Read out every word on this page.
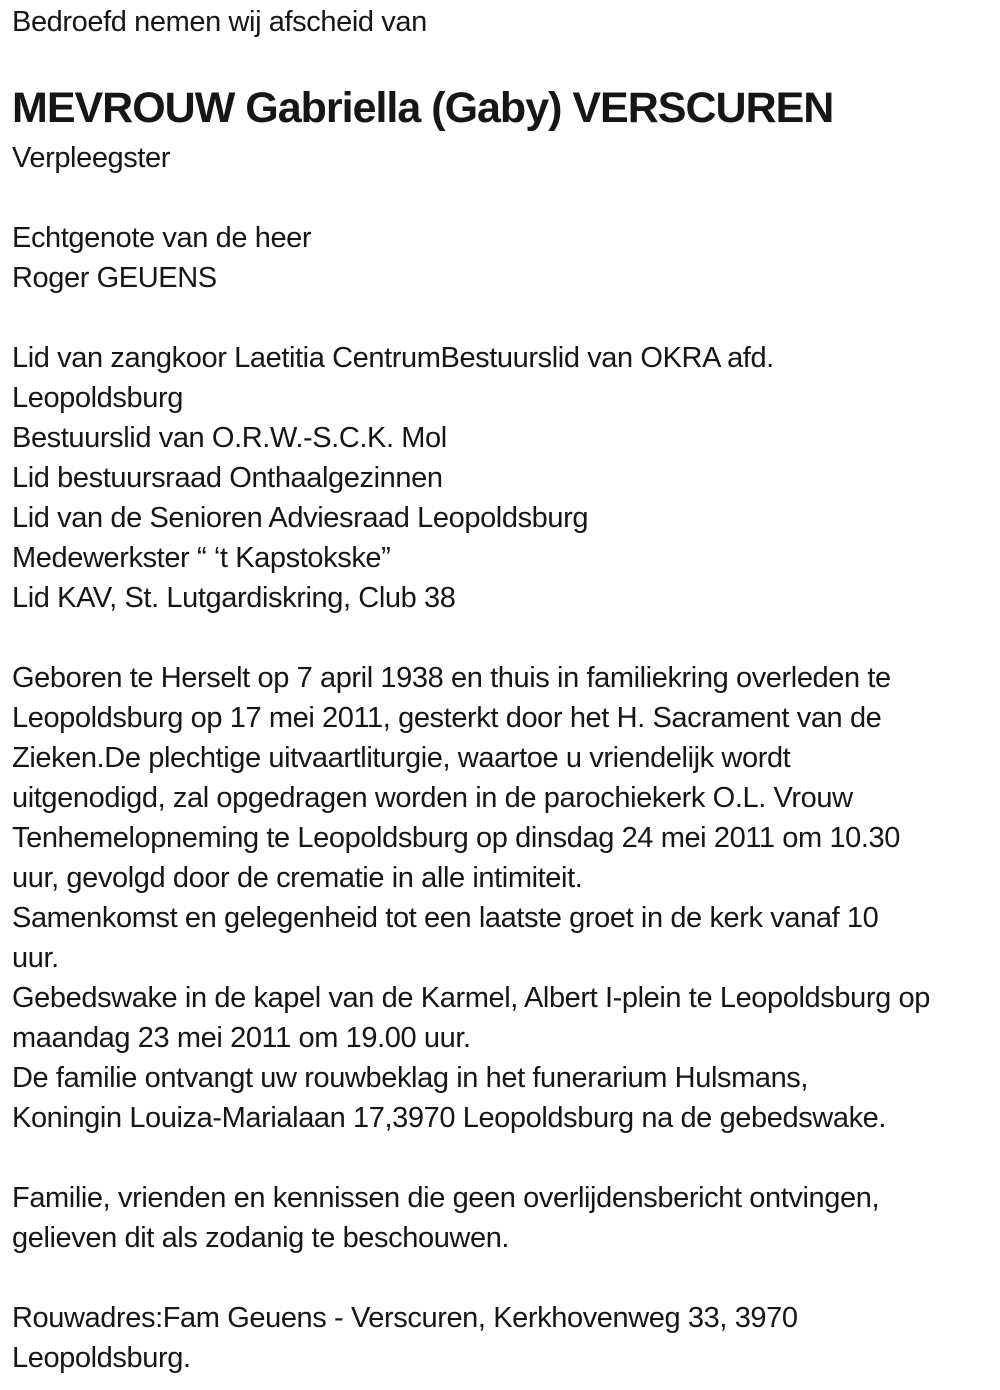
Bedroefd nemen wij afscheid van
MEVROUW Gabriella (Gaby) VERSCUREN
Verpleegster
Echtgenote van de heer
Roger GEUENS
Lid van zangkoor Laetitia CentrumBestuurslid van OKRA afd.
Leopoldsburg
Bestuurslid van O.R.W.-S.C.K. Mol
Lid bestuursraad Onthaalgezinnen
Lid van de Senioren Adviesraad Leopoldsburg
Medewerkster “ ‘t Kapstokske”
Lid KAV, St. Lutgardiskring, Club 38
Geboren te Herselt op 7 april 1938 en thuis in familiekring overleden te
Leopoldsburg op 17 mei 2011, gesterkt door het H. Sacrament van de
Zieken.De plechtige uitvaartliturgie, waartoe u vriendelijk wordt
uitgenodigd, zal opgedragen worden in de parochiekerk O.L. Vrouw
Tenhemelopneming te Leopoldsburg op dinsdag 24 mei 2011 om 10.30
uur, gevolgd door de crematie in alle intimiteit.
Samenkomst en gelegenheid tot een laatste groet in de kerk vanaf 10
uur.
Gebedswake in de kapel van de Karmel, Albert I-plein te Leopoldsburg op
maandag 23 mei 2011 om 19.00 uur.
De familie ontvangt uw rouwbeklag in het funerarium Hulsmans,
Koningin Louiza-Marialaan 17,3970 Leopoldsburg na de gebedswake.
Familie, vrienden en kennissen die geen overlijdensbericht ontvingen,
gelieven dit als zodanig te beschouwen.
Rouwadres:Fam Geuens - Verscuren, Kerkhovenweg 33, 3970
Leopoldsburg.
